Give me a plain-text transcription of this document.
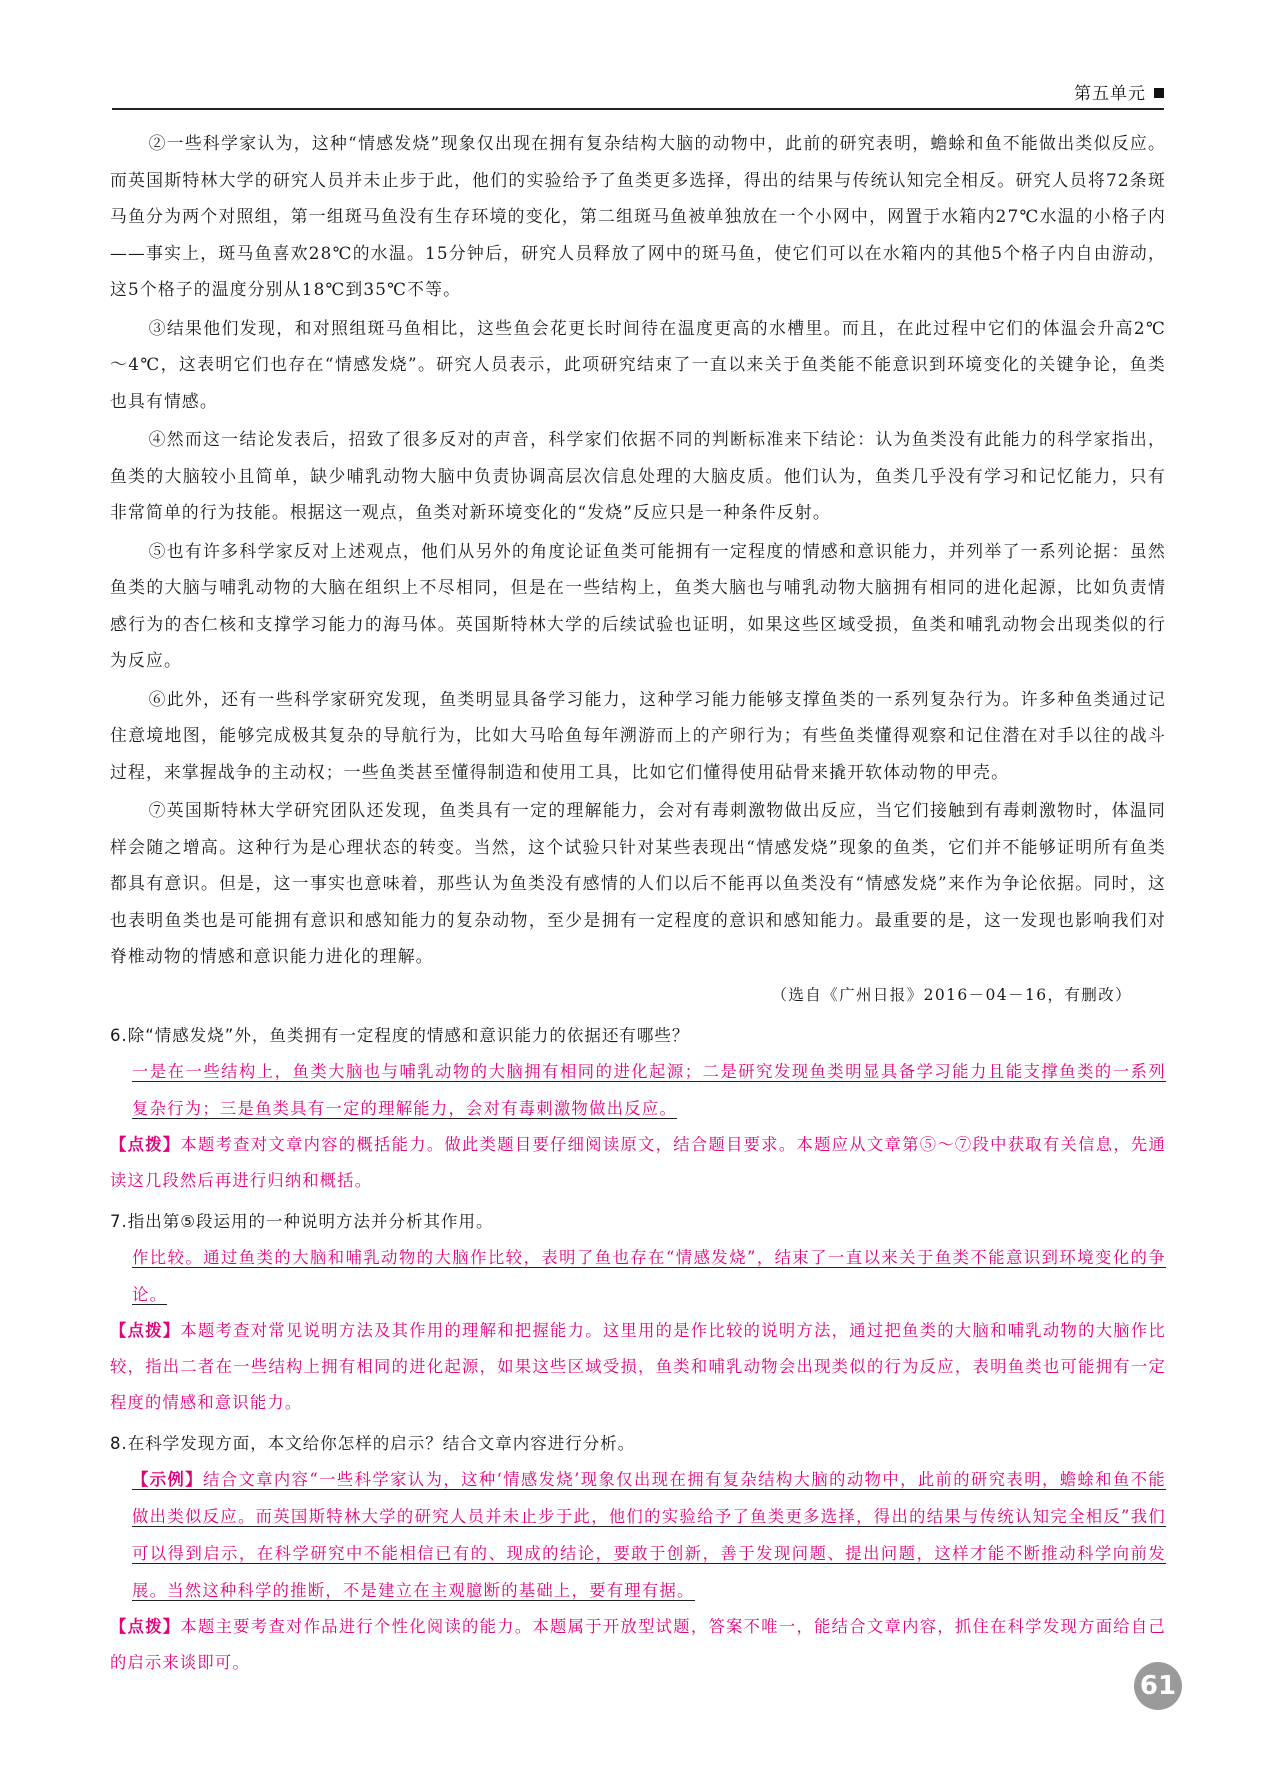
第五单元

②一些科学家认为，这种“情感发烧”现象仅出现在拥有复杂结构大脑的动物中，此前的研究表明，蟾蜍和鱼不能做出类似反应。而英国斯特林大学的研究人员并未止步于此，他们的实验给予了鱼类更多选择，得出的结果与传统认知完全相反。研究人员将72条斑马鱼分为两个对照组，第一组斑马鱼没有生存环境的变化，第二组斑马鱼被单独放在一个小网中，网置于水箱内27℃水温的小格子内——事实上，斑马鱼喜欢28℃的水温。15分钟后，研究人员释放了网中的斑马鱼，使它们可以在水箱内的其他5个格子内自由游动，这5个格子的温度分别从18℃到35℃不等。

③结果他们发现，和对照组斑马鱼相比，这些鱼会花更长时间待在温度更高的水槽里。而且，在此过程中它们的体温会升高2℃～4℃，这表明它们也存在“情感发烧”。研究人员表示，此项研究结束了一直以来关于鱼类能不能意识到环境变化的关键争论，鱼类也具有情感。

④然而这一结论发表后，招致了很多反对的声音，科学家们依据不同的判断标准来下结论：认为鱼类没有此能力的科学家指出，鱼类的大脑较小且简单，缺少哺乳动物大脑中负责协调高层次信息处理的大脑皮质。他们认为，鱼类几乎没有学习和记忆能力，只有非常简单的行为技能。根据这一观点，鱼类对新环境变化的“发烧”反应只是一种条件反射。

⑤也有许多科学家反对上述观点，他们从另外的角度论证鱼类可能拥有一定程度的情感和意识能力，并列举了一系列论据：虽然鱼类的大脑与哺乳动物的大脑在组织上不尽相同，但是在一些结构上，鱼类大脑也与哺乳动物大脑拥有相同的进化起源，比如负责情感行为的杏仁核和支撑学习能力的海马体。英国斯特林大学的后续试验也证明，如果这些区域受损，鱼类和哺乳动物会出现类似的行为反应。

⑥此外，还有一些科学家研究发现，鱼类明显具备学习能力，这种学习能力能够支撑鱼类的一系列复杂行为。许多种鱼类通过记住意境地图，能够完成极其复杂的导航行为，比如大马哈鱼每年溯游而上的产卵行为；有些鱼类懂得观察和记住潜在对手以往的战斗过程，来掌握战争的主动权；一些鱼类甚至懂得制造和使用工具，比如它们懂得使用砧骨来撬开软体动物的甲壳。

⑦英国斯特林大学研究团队还发现，鱼类具有一定的理解能力，会对有毒刺激物做出反应，当它们接触到有毒刺激物时，体温同样会随之增高。这种行为是心理状态的转变。当然，这个试验只针对某些表现出“情感发烧”现象的鱼类，它们并不能够证明所有鱼类都具有意识。但是，这一事实也意味着，那些认为鱼类没有感情的人们以后不能再以鱼类没有“情感发烧”来作为争论依据。同时，这也表明鱼类也是可能拥有意识和感知能力的复杂动物，至少是拥有一定程度的意识和感知能力。最重要的是，这一发现也影响我们对脊椎动物的情感和意识能力进化的理解。

（选自《广州日报》2016－04－16，有删改）
6.除“情感发烧”外，鱼类拥有一定程度的情感和意识能力的依据还有哪些？
一是在一些结构上，鱼类大脑也与哺乳动物的大脑拥有相同的进化起源；二是研究发现鱼类明显具备学习能力且能支撑鱼类的一系列复杂行为；三是鱼类具有一定的理解能力，会对有毒刺激物做出反应。
【点拨】本题考查对文章内容的概括能力。做此类题目要仔细阅读原文，结合题目要求。本题应从文章第⑤～⑦段中获取有关信息，先通读这几段然后再进行归纳和概括。
7.指出第⑤段运用的一种说明方法并分析其作用。
作比较。通过鱼类的大脑和哺乳动物的大脑作比较，表明了鱼也存在“情感发烧”，结束了一直以来关于鱼类不能意识到环境变化的争论。
【点拨】本题考查对常见说明方法及其作用的理解和把握能力。这里用的是作比较的说明方法，通过把鱼类的大脑和哺乳动物的大脑作比较，指出二者在一些结构上拥有相同的进化起源，如果这些区域受损，鱼类和哺乳动物会出现类似的行为反应，表明鱼类也可能拥有一定程度的情感和意识能力。
8.在科学发现方面，本文给你怎样的启示？结合文章内容进行分析。
【示例】结合文章内容“一些科学家认为，这种‘情感发烧’现象仅出现在拥有复杂结构大脑的动物中，此前的研究表明，蟾蜍和鱼不能做出类似反应。而英国斯特林大学的研究人员并未止步于此，他们的实验给予了鱼类更多选择，得出的结果与传统认知完全相反”我们可以得到启示，在科学研究中不能相信已有的、现成的结论，要敢于创新，善于发现问题、提出问题，这样才能不断推动科学向前发展。当然这种科学的推断，不是建立在主观臆断的基础上，要有理有据。
【点拨】本题主要考查对作品进行个性化阅读的能力。本题属于开放型试题，答案不唯一，能结合文章内容，抓住在科学发现方面给自己的启示来谈即可。
61
